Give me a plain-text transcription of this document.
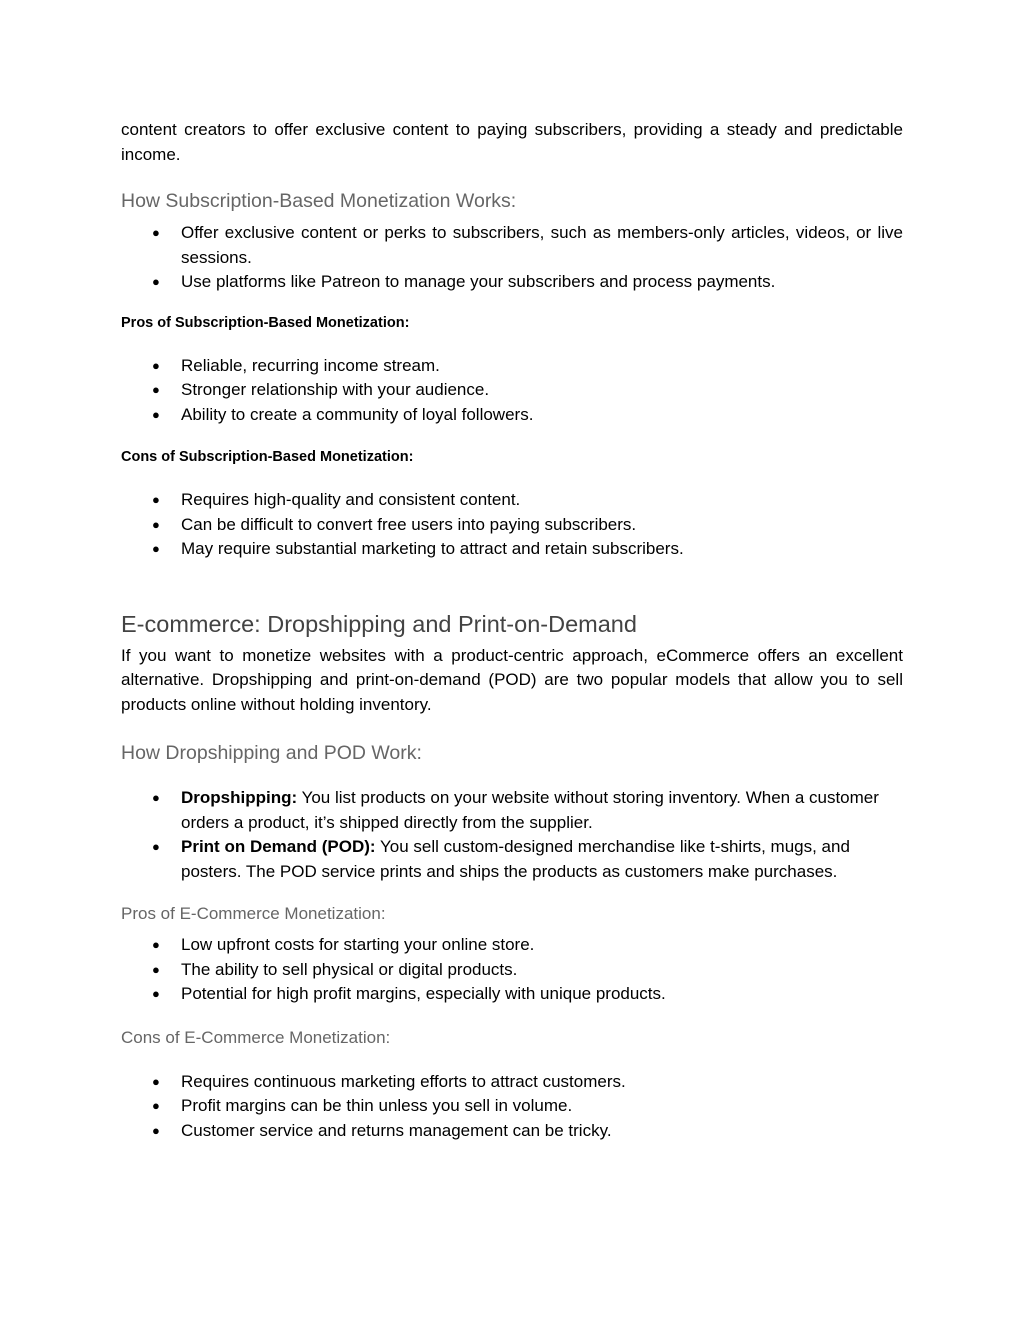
content creators to offer exclusive content to paying subscribers, providing a steady and predictable income.

How Subscription-Based Monetization Works:
● Offer exclusive content or perks to subscribers, such as members-only articles, videos, or live sessions.
● Use platforms like Patreon to manage your subscribers and process payments.
Pros of Subscription-Based Monetization:
● Reliable, recurring income stream.
● Stronger relationship with your audience.
● Ability to create a community of loyal followers.
Cons of Subscription-Based Monetization:
● Requires high-quality and consistent content.
● Can be difficult to convert free users into paying subscribers.
● May require substantial marketing to attract and retain subscribers.
E-commerce: Dropshipping and Print-on-Demand

If you want to monetize websites with a product-centric approach, eCommerce offers an excellent alternative. Dropshipping and print-on-demand (POD) are two popular models that allow you to sell products online without holding inventory.

How Dropshipping and POD Work:
● Dropshipping: You list products on your website without storing inventory. When a customer orders a product, it’s shipped directly from the supplier.
● Print on Demand (POD): You sell custom-designed merchandise like t-shirts, mugs, and posters. The POD service prints and ships the products as customers make purchases.
Pros of E-Commerce Monetization:
● Low upfront costs for starting your online store.
● The ability to sell physical or digital products.
● Potential for high profit margins, especially with unique products.
Cons of E-Commerce Monetization:
● Requires continuous marketing efforts to attract customers.
● Profit margins can be thin unless you sell in volume.
● Customer service and returns management can be tricky.
